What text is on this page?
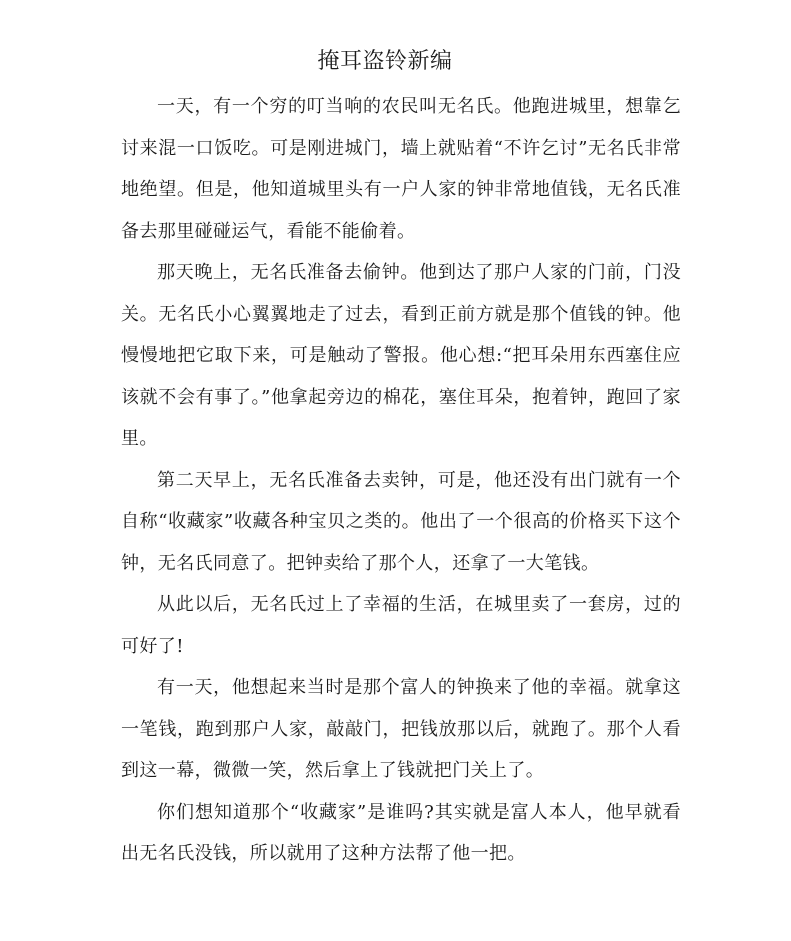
掩耳盗铃新编

一天，有一个穷的叮当响的农民叫无名氏。他跑进城里，想靠乞讨来混一口饭吃。可是刚进城门，墙上就贴着“不许乞讨”无名氏非常地绝望。但是，他知道城里头有一户人家的钟非常地值钱，无名氏准备去那里碰碰运气，看能不能偷着。

那天晚上，无名氏准备去偷钟。他到达了那户人家的门前，门没关。无名氏小心翼翼地走了过去，看到正前方就是那个值钱的钟。他慢慢地把它取下来，可是触动了警报。他心想:“把耳朵用东西塞住应该就不会有事了。”他拿起旁边的棉花，塞住耳朵，抱着钟，跑回了家里。

第二天早上，无名氏准备去卖钟，可是，他还没有出门就有一个自称“收藏家”收藏各种宝贝之类的。他出了一个很高的价格买下这个钟，无名氏同意了。把钟卖给了那个人，还拿了一大笔钱。

从此以后，无名氏过上了幸福的生活，在城里卖了一套房，过的可好了!

有一天，他想起来当时是那个富人的钟换来了他的幸福。就拿这一笔钱，跑到那户人家，敲敲门，把钱放那以后，就跑了。那个人看到这一幕，微微一笑，然后拿上了钱就把门关上了。

你们想知道那个“收藏家”是谁吗?其实就是富人本人，他早就看出无名氏没钱，所以就用了这种方法帮了他一把。
